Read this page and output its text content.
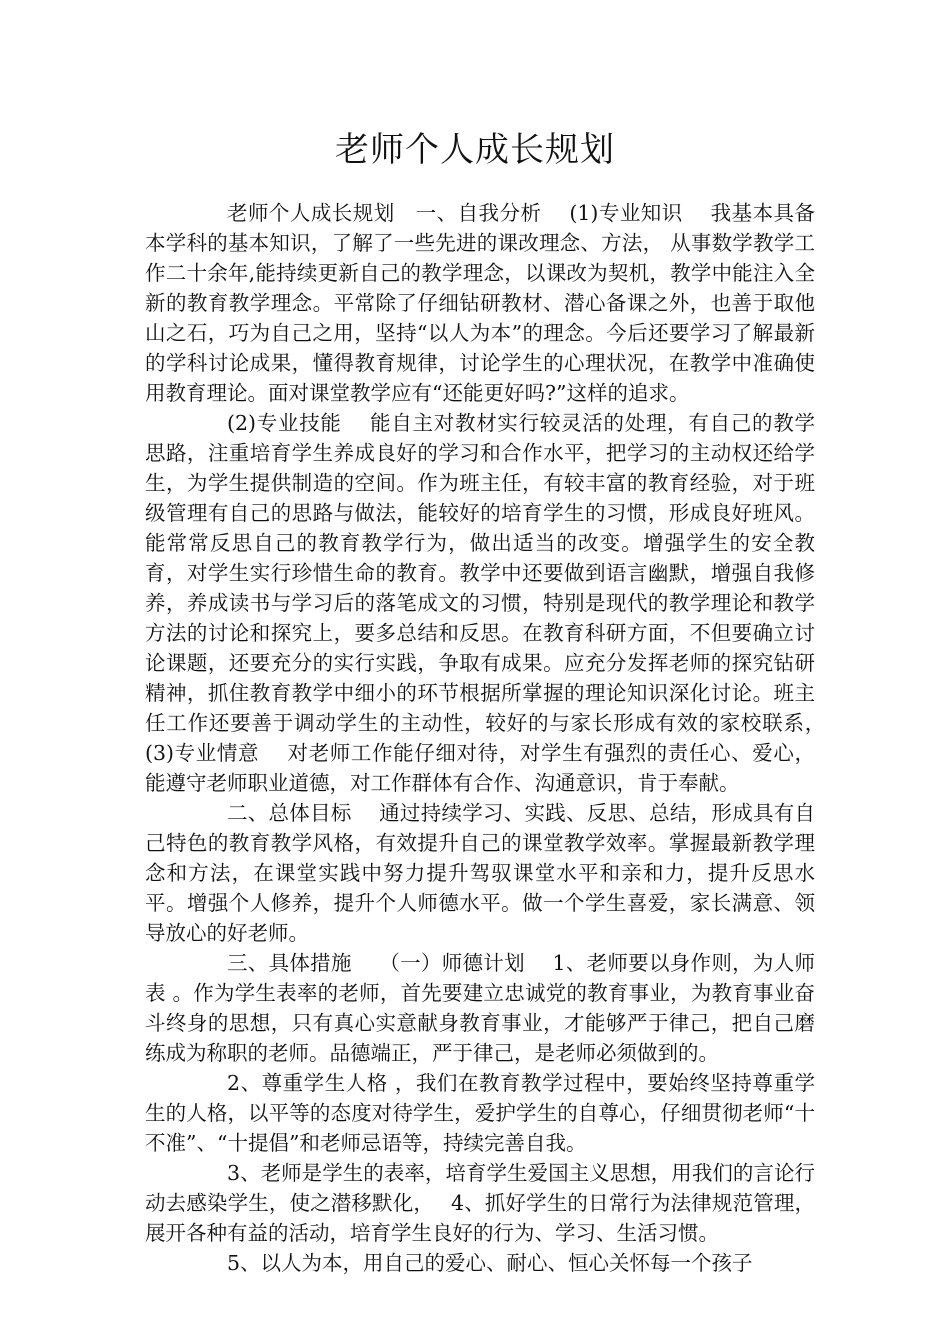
老师个人成长规划

老师个人成长规划　一、自我分析　 (1)专业知识　 我基本具备本学科的基本知识，了解了一些先进的课改理念、方法， 从事数学教学工作二十余年,能持续更新自己的教学理念，以课改为契机，教学中能注入全新的教育教学理念。平常除了仔细钻研教材、潜心备课之外，也善于取他山之石，巧为自己之用，坚持“以人为本”的理念。今后还要学习了解最新的学科讨论成果，懂得教育规律，讨论学生的心理状况，在教学中准确使用教育理论。面对课堂教学应有“还能更好吗?”这样的追求。

(2)专业技能　 能自主对教材实行较灵活的处理，有自己的教学思路，注重培育学生养成良好的学习和合作水平，把学习的主动权还给学生，为学生提供制造的空间。作为班主任，有较丰富的教育经验，对于班级管理有自己的思路与做法，能较好的培育学生的习惯，形成良好班风。能常常反思自己的教育教学行为，做出适当的改变。增强学生的安全教育，对学生实行珍惜生命的教育。教学中还要做到语言幽默，增强自我修养，养成读书与学习后的落笔成文的习惯，特别是现代的教学理论和教学方法的讨论和探究上，要多总结和反思。在教育科研方面，不但要确立讨论课题，还要充分的实行实践，争取有成果。应充分发挥老师的探究钻研精神，抓住教育教学中细小的环节根据所掌握的理论知识深化讨论。班主任工作还要善于调动学生的主动性，较好的与家长形成有效的家校联系，　 (3)专业情意　 对老师工作能仔细对待，对学生有强烈的责任心、爱心，能遵守老师职业道德，对工作群体有合作、沟通意识，肯于奉献。

二、总体目标　 通过持续学习、实践、反思、总结，形成具有自己特色的教育教学风格，有效提升自己的课堂教学效率。掌握最新教学理念和方法，在课堂实践中努力提升驾驭课堂水平和亲和力，提升反思水平。增强个人修养，提升个人师德水平。做一个学生喜爱，家长满意、领导放心的好老师。

三、具体措施　 （一）师德计划　 1、老师要以身作则，为人师表 。作为学生表率的老师，首先要建立忠诚党的教育事业，为教育事业奋斗终身的思想，只有真心实意献身教育事业，才能够严于律己，把自己磨练成为称职的老师。品德端正，严于律己，是老师必须做到的。

2、尊重学生人格 ，我们在教育教学过程中，要始终坚持尊重学生的人格，以平等的态度对待学生，爱护学生的自尊心，仔细贯彻老师“十不准”、“十提倡”和老师忌语等，持续完善自我。

3、老师是学生的表率，培育学生爱国主义思想，用我们的言论行动去感染学生，使之潜移默化，　 4、抓好学生的日常行为法律规范管理，展开各种有益的活动，培育学生良好的行为、学习、生活习惯。

5、以人为本，用自己的爱心、耐心、恒心关怀每一个孩子
